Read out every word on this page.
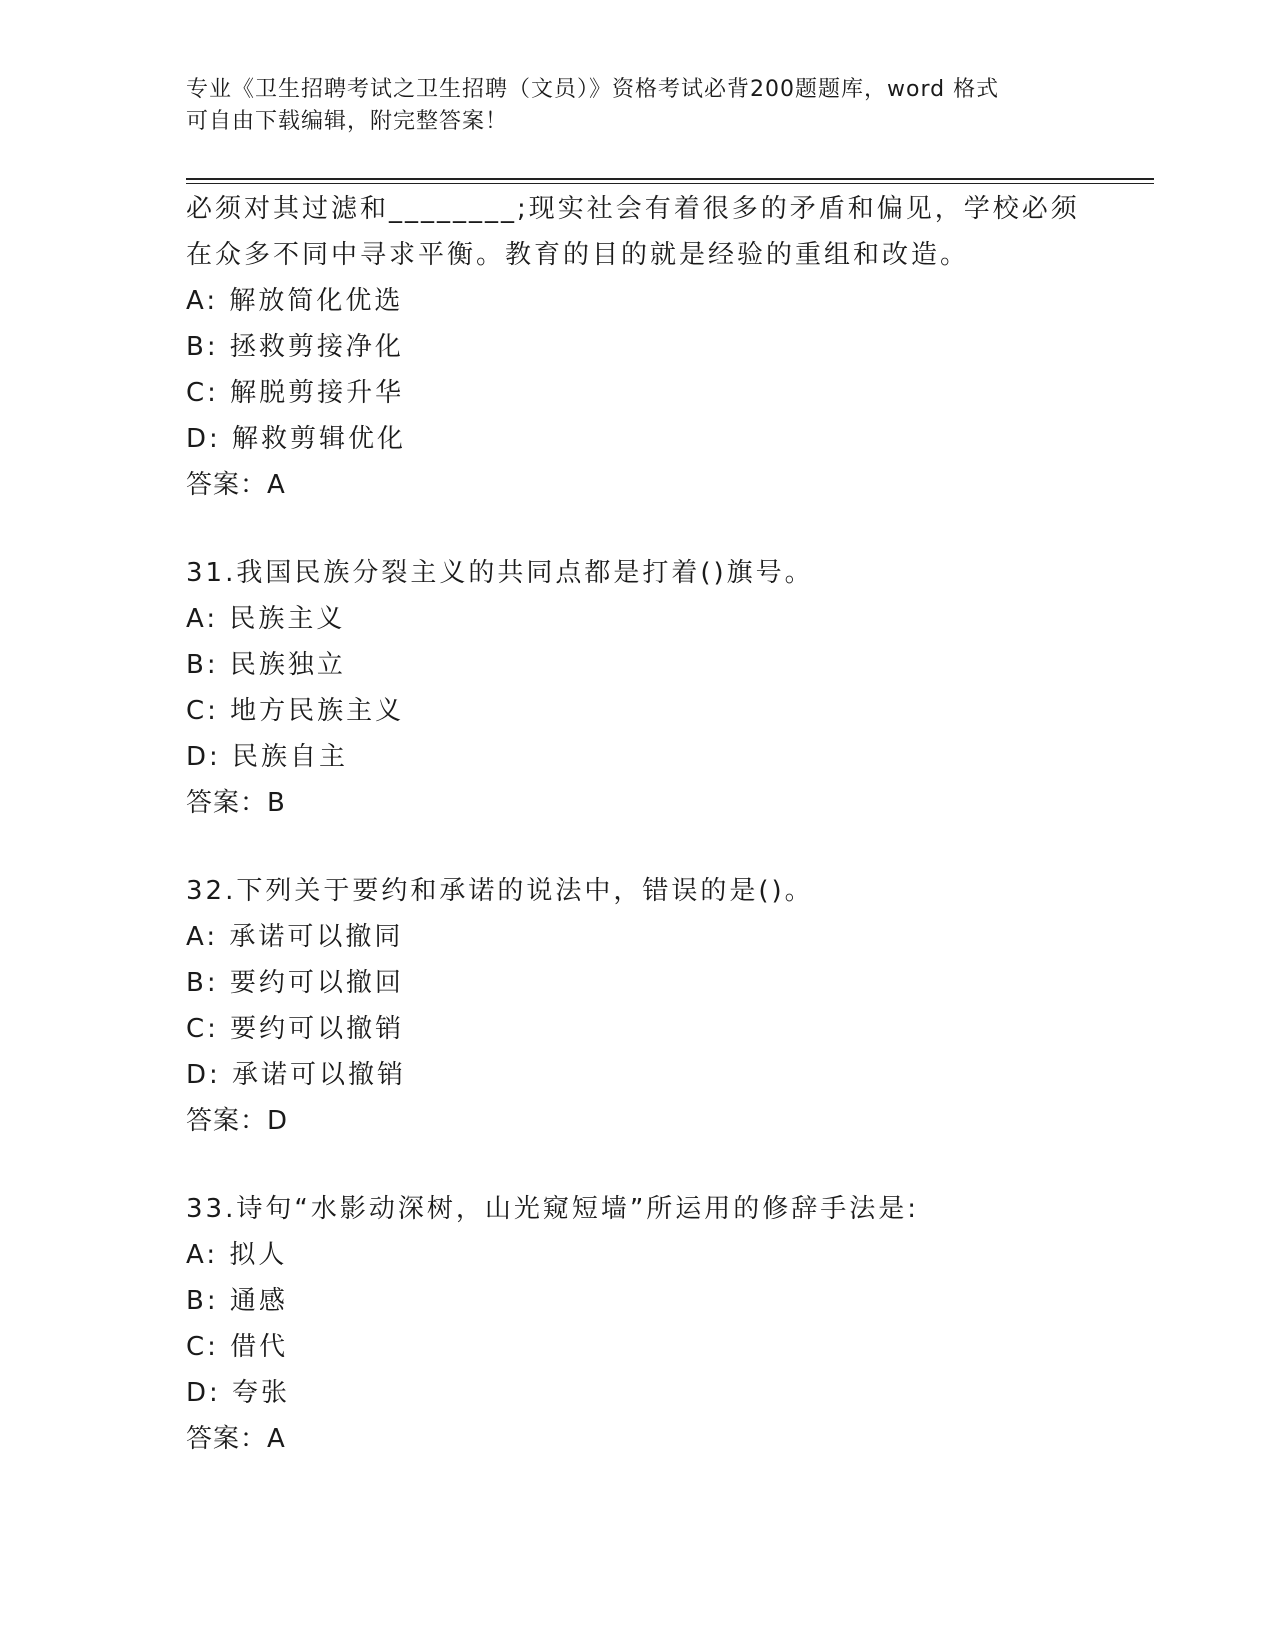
专业《卫生招聘考试之卫生招聘（文员）》资格考试必背200题题库，word 格式
可自由下载编辑，附完整答案！
必须对其过滤和________;现实社会有着很多的矛盾和偏见，学校必须
在众多不同中寻求平衡。教育的目的就是经验的重组和改造。
A: 解放简化优选
B: 拯救剪接净化
C: 解脱剪接升华
D: 解救剪辑优化
答案：A
31.我国民族分裂主义的共同点都是打着()旗号。
A: 民族主义
B: 民族独立
C: 地方民族主义
D: 民族自主
答案：B
32.下列关于要约和承诺的说法中，错误的是()。
A: 承诺可以撤同
B: 要约可以撤回
C: 要约可以撤销
D: 承诺可以撤销
答案：D
33.诗句“水影动深树，山光窥短墙”所运用的修辞手法是:
A: 拟人
B: 通感
C: 借代
D: 夸张
答案：A
